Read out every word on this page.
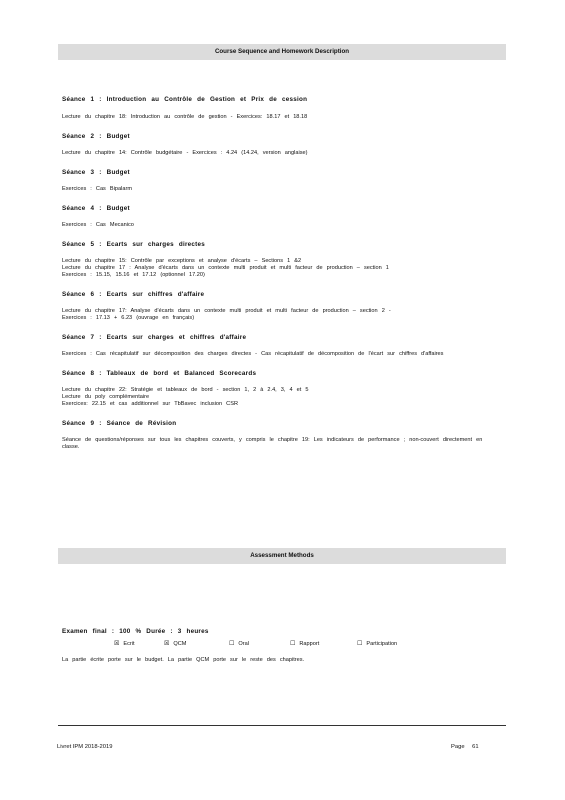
Course Sequence and Homework Description

Séance 1 : Introduction au Contrôle de Gestion et Prix de cession

Lecture du chapitre 18: Introduction au contrôle de gestion - Exercices: 18.17 et 18.18

Séance 2 : Budget

Lecture du chapitre 14: Contrôle budgétaire - Exercices : 4.24 (14.24, version anglaise)

Séance 3 : Budget

Exercices : Cas Bipalarm

Séance 4 : Budget

Exercices : Cas Mecanico

Séance 5 : Ecarts sur charges directes

Lecture du chapitre 15: Contrôle par exceptions et analyse d'écarts – Sections 1 &2

Lecture du chapitre 17 : Analyse d'écarts dans un contexte multi produit et multi facteur de production – section 1

Exercices : 15.15, 15.16 et 17.12 (optionnel 17.20)

Séance 6 : Ecarts sur chiffres d'affaire

Lecture du chapitre 17: Analyse d'écarts dans un contexte multi produit et multi facteur de production – section 2 -

Exercices : 17.13 + 6.23 (ouvrage en français)

Séance 7 : Ecarts sur charges et chiffres d'affaire

Exercices : Cas récapitulatif sur décomposition des charges directes - Cas récapitulatif de décomposition de l'écart sur chiffres d'affaires

Séance 8 : Tableaux de bord et Balanced Scorecards

Lecture du chapitre 22: Stratégie et tableaux de bord - section 1, 2 à 2.4, 3, 4 et 5

Lecture du poly complémentaire

Exercices: 22.15 et cas additionnel sur TbBavec inclusion CSR

Séance 9 : Séance de Révision

Séance de questions/réponses sur tous les chapitres couverts, y compris le chapitre 19: Les indicateurs de performance ; non-couvert directement en classe.

Assessment Methods

Examen final : 100 % Durée : 3 heures

☒ Ecrit	☒ QCM	☐ Oral	☐ Rapport	☐ Participation

La partie écrite porte sur le budget. La partie QCM porte sur le reste des chapitres.

Livret IPM 2018-2019	Page 61
